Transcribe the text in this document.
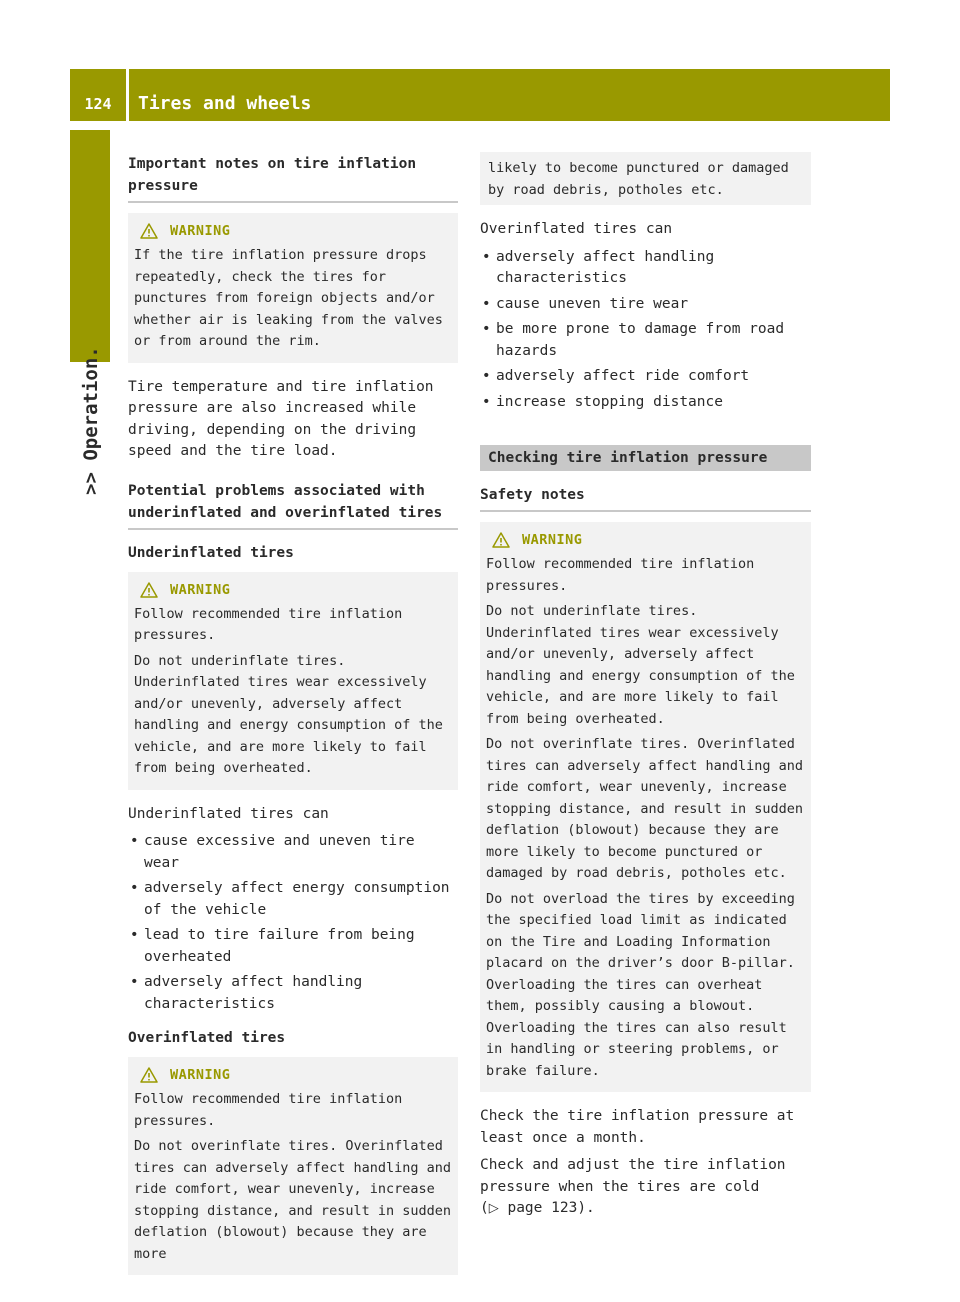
124	Tires and wheels
>> Operation.
Important notes on tire inflation pressure
WARNING

If the tire inflation pressure drops repeatedly, check the tires for punctures from foreign objects and/or whether air is leaking from the valves or from around the rim.

Tire temperature and tire inflation pressure are also increased while driving, depending on the driving speed and the tire load.

Potential problems associated with underinflated and overinflated tires
Underinflated tires
WARNING

Follow recommended tire inflation pressures.

Do not underinflate tires. Underinflated tires wear excessively and/or unevenly, adversely affect handling and energy consumption of the vehicle, and are more likely to fail from being overheated.

Underinflated tires can

• cause excessive and uneven tire wear
• adversely affect energy consumption of the vehicle
• lead to tire failure from being overheated
• adversely affect handling characteristics
Overinflated tires
WARNING

Follow recommended tire inflation pressures.

Do not overinflate tires. Overinflated tires can adversely affect handling and ride comfort, wear unevenly, increase stopping distance, and result in sudden deflation (blowout) because they are more

likely to become punctured or damaged by road debris, potholes etc.

Overinflated tires can

• adversely affect handling characteristics
• cause uneven tire wear
• be more prone to damage from road hazards
• adversely affect ride comfort
• increase stopping distance
Checking tire inflation pressure
Safety notes
WARNING

Follow recommended tire inflation pressures.

Do not underinflate tires. Underinflated tires wear excessively and/or unevenly, adversely affect handling and energy consumption of the vehicle, and are more likely to fail from being overheated.

Do not overinflate tires. Overinflated tires can adversely affect handling and ride comfort, wear unevenly, increase stopping distance, and result in sudden deflation (blowout) because they are more likely to become punctured or damaged by road debris, potholes etc.

Do not overload the tires by exceeding the specified load limit as indicated on the Tire and Loading Information placard on the driver’s door B-pillar. Overloading the tires can overheat them, possibly causing a blowout. Overloading the tires can also result in handling or steering problems, or brake failure.

Check the tire inflation pressure at least once a month.

Check and adjust the tire inflation pressure when the tires are cold
(▷ page 123).
